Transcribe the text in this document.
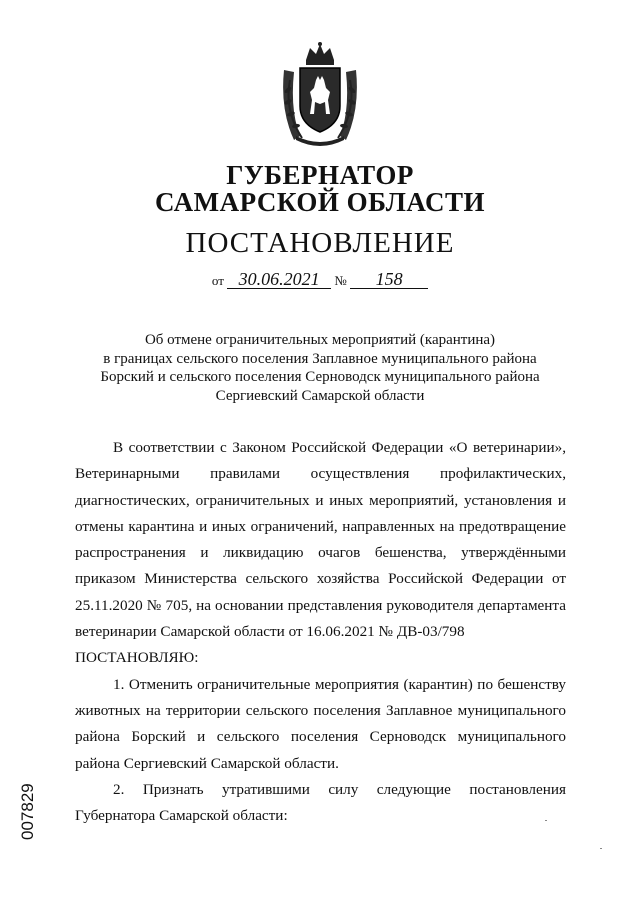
ГУБЕРНАТОР
САМАРСКОЙ ОБЛАСТИ
ПОСТАНОВЛЕНИЕ
от 30.06.2021 № 158
Об отмене ограничительных мероприятий (карантина)
в границах сельского поселения Заплавное муниципального района
Борский и сельского поселения Серноводск муниципального района
Сергиевский Самарской области

В соответствии с Законом Российской Федерации «О ветеринарии», Ветеринарными правилами осуществления профилактических, диагностических, ограничительных и иных мероприятий, установления и отмены карантина и иных ограничений, направленных на предотвращение распространения и ликвидацию очагов бешенства, утверждёнными приказом Министерства сельского хозяйства Российской Федерации от 25.11.2020 № 705, на основании представления руководителя департамента ветеринарии Самарской области от 16.06.2021 № ДВ-03/798

ПОСТАНОВЛЯЮ:

1. Отменить ограничительные мероприятия (карантин) по бешенству животных на территории сельского поселения Заплавное муниципального района Борский и сельского поселения Серноводск муниципального района Сергиевский Самарской области.

2. Признать утратившими силу следующие постановления Губернатора Самарской области:

007829
